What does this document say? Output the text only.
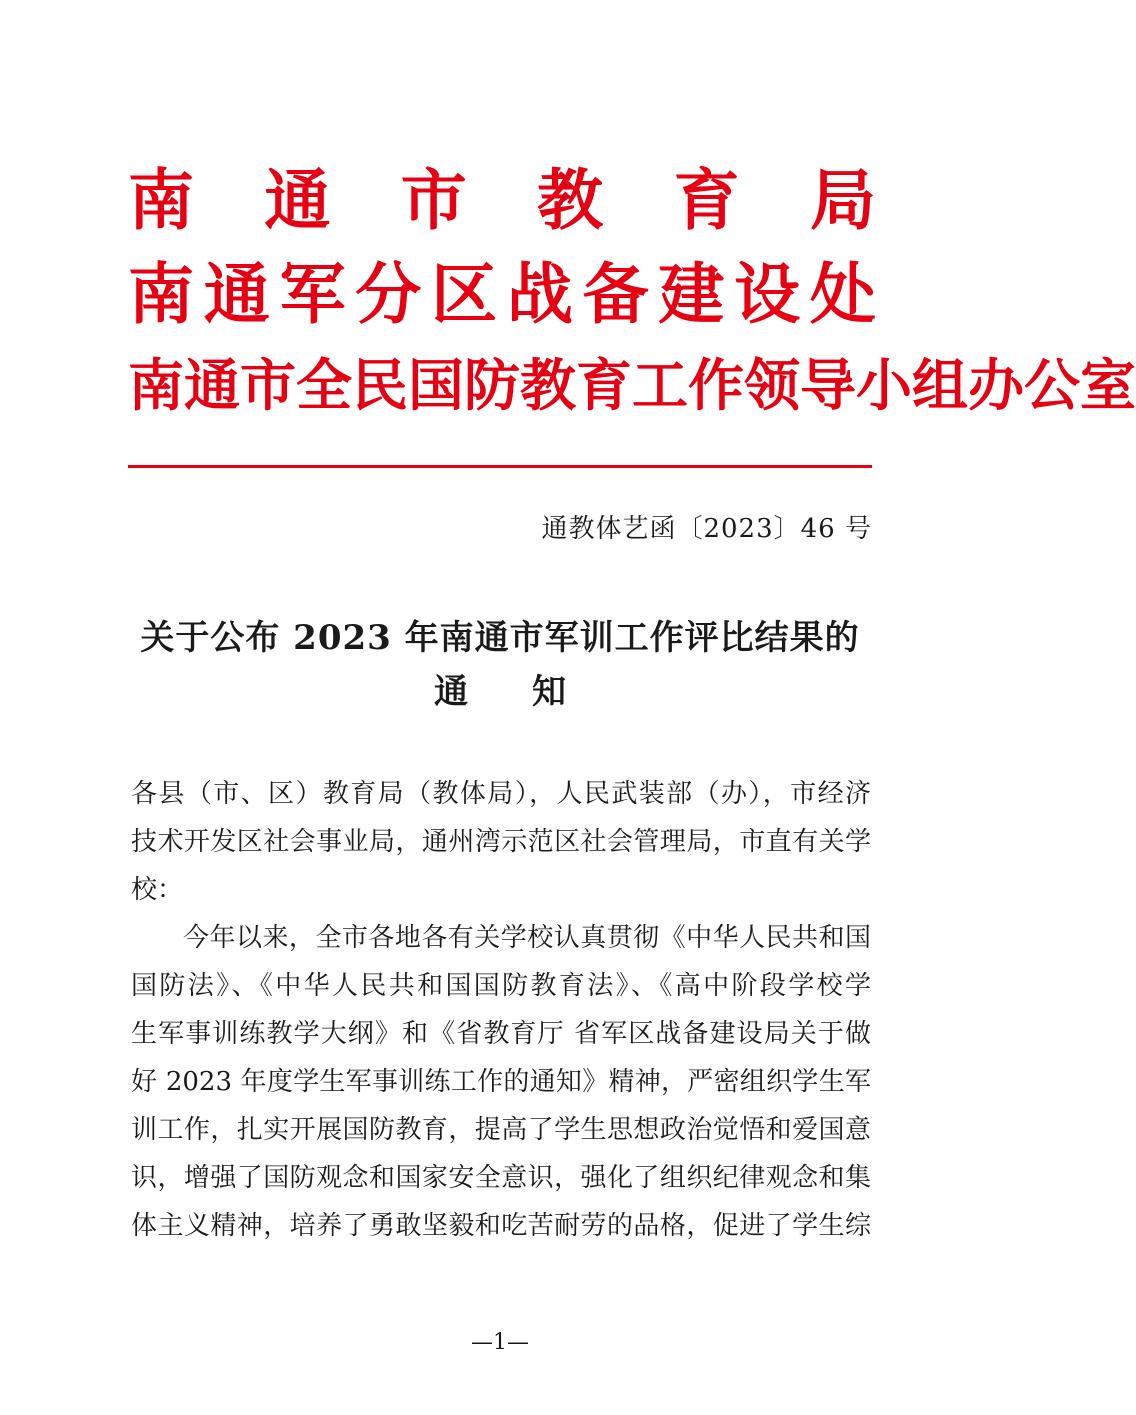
南 通 市 教 育 局
南 通 军 分 区 战 备 建 设 处
南 通 市 全 民 国 防 教 育 工 作 领 导 小 组 办 公 室
通教体艺函〔2023〕46 号
关于公布 2023 年南通市军训工作评比结果的
通 知
各县（市、区）教育局（教体局），人民武装部（办），市经济
技术开发区社会事业局，通州湾示范区社会管理局，市直有关学
校：
今年以来，全市各地各有关学校认真贯彻《中华人民共和国
国防法》、《中华人民共和国国防教育法》、《高中阶段学校学
生军事训练教学大纲》和《省教育厅 省军区战备建设局关于做
好 2023 年度学生军事训练工作的通知》精神，严密组织学生军
训工作，扎实开展国防教育，提高了学生思想政治觉悟和爱国意
识，增强了国防观念和国家安全意识，强化了组织纪律观念和集
体主义精神，培养了勇敢坚毅和吃苦耐劳的品格，促进了学生综
—1—
